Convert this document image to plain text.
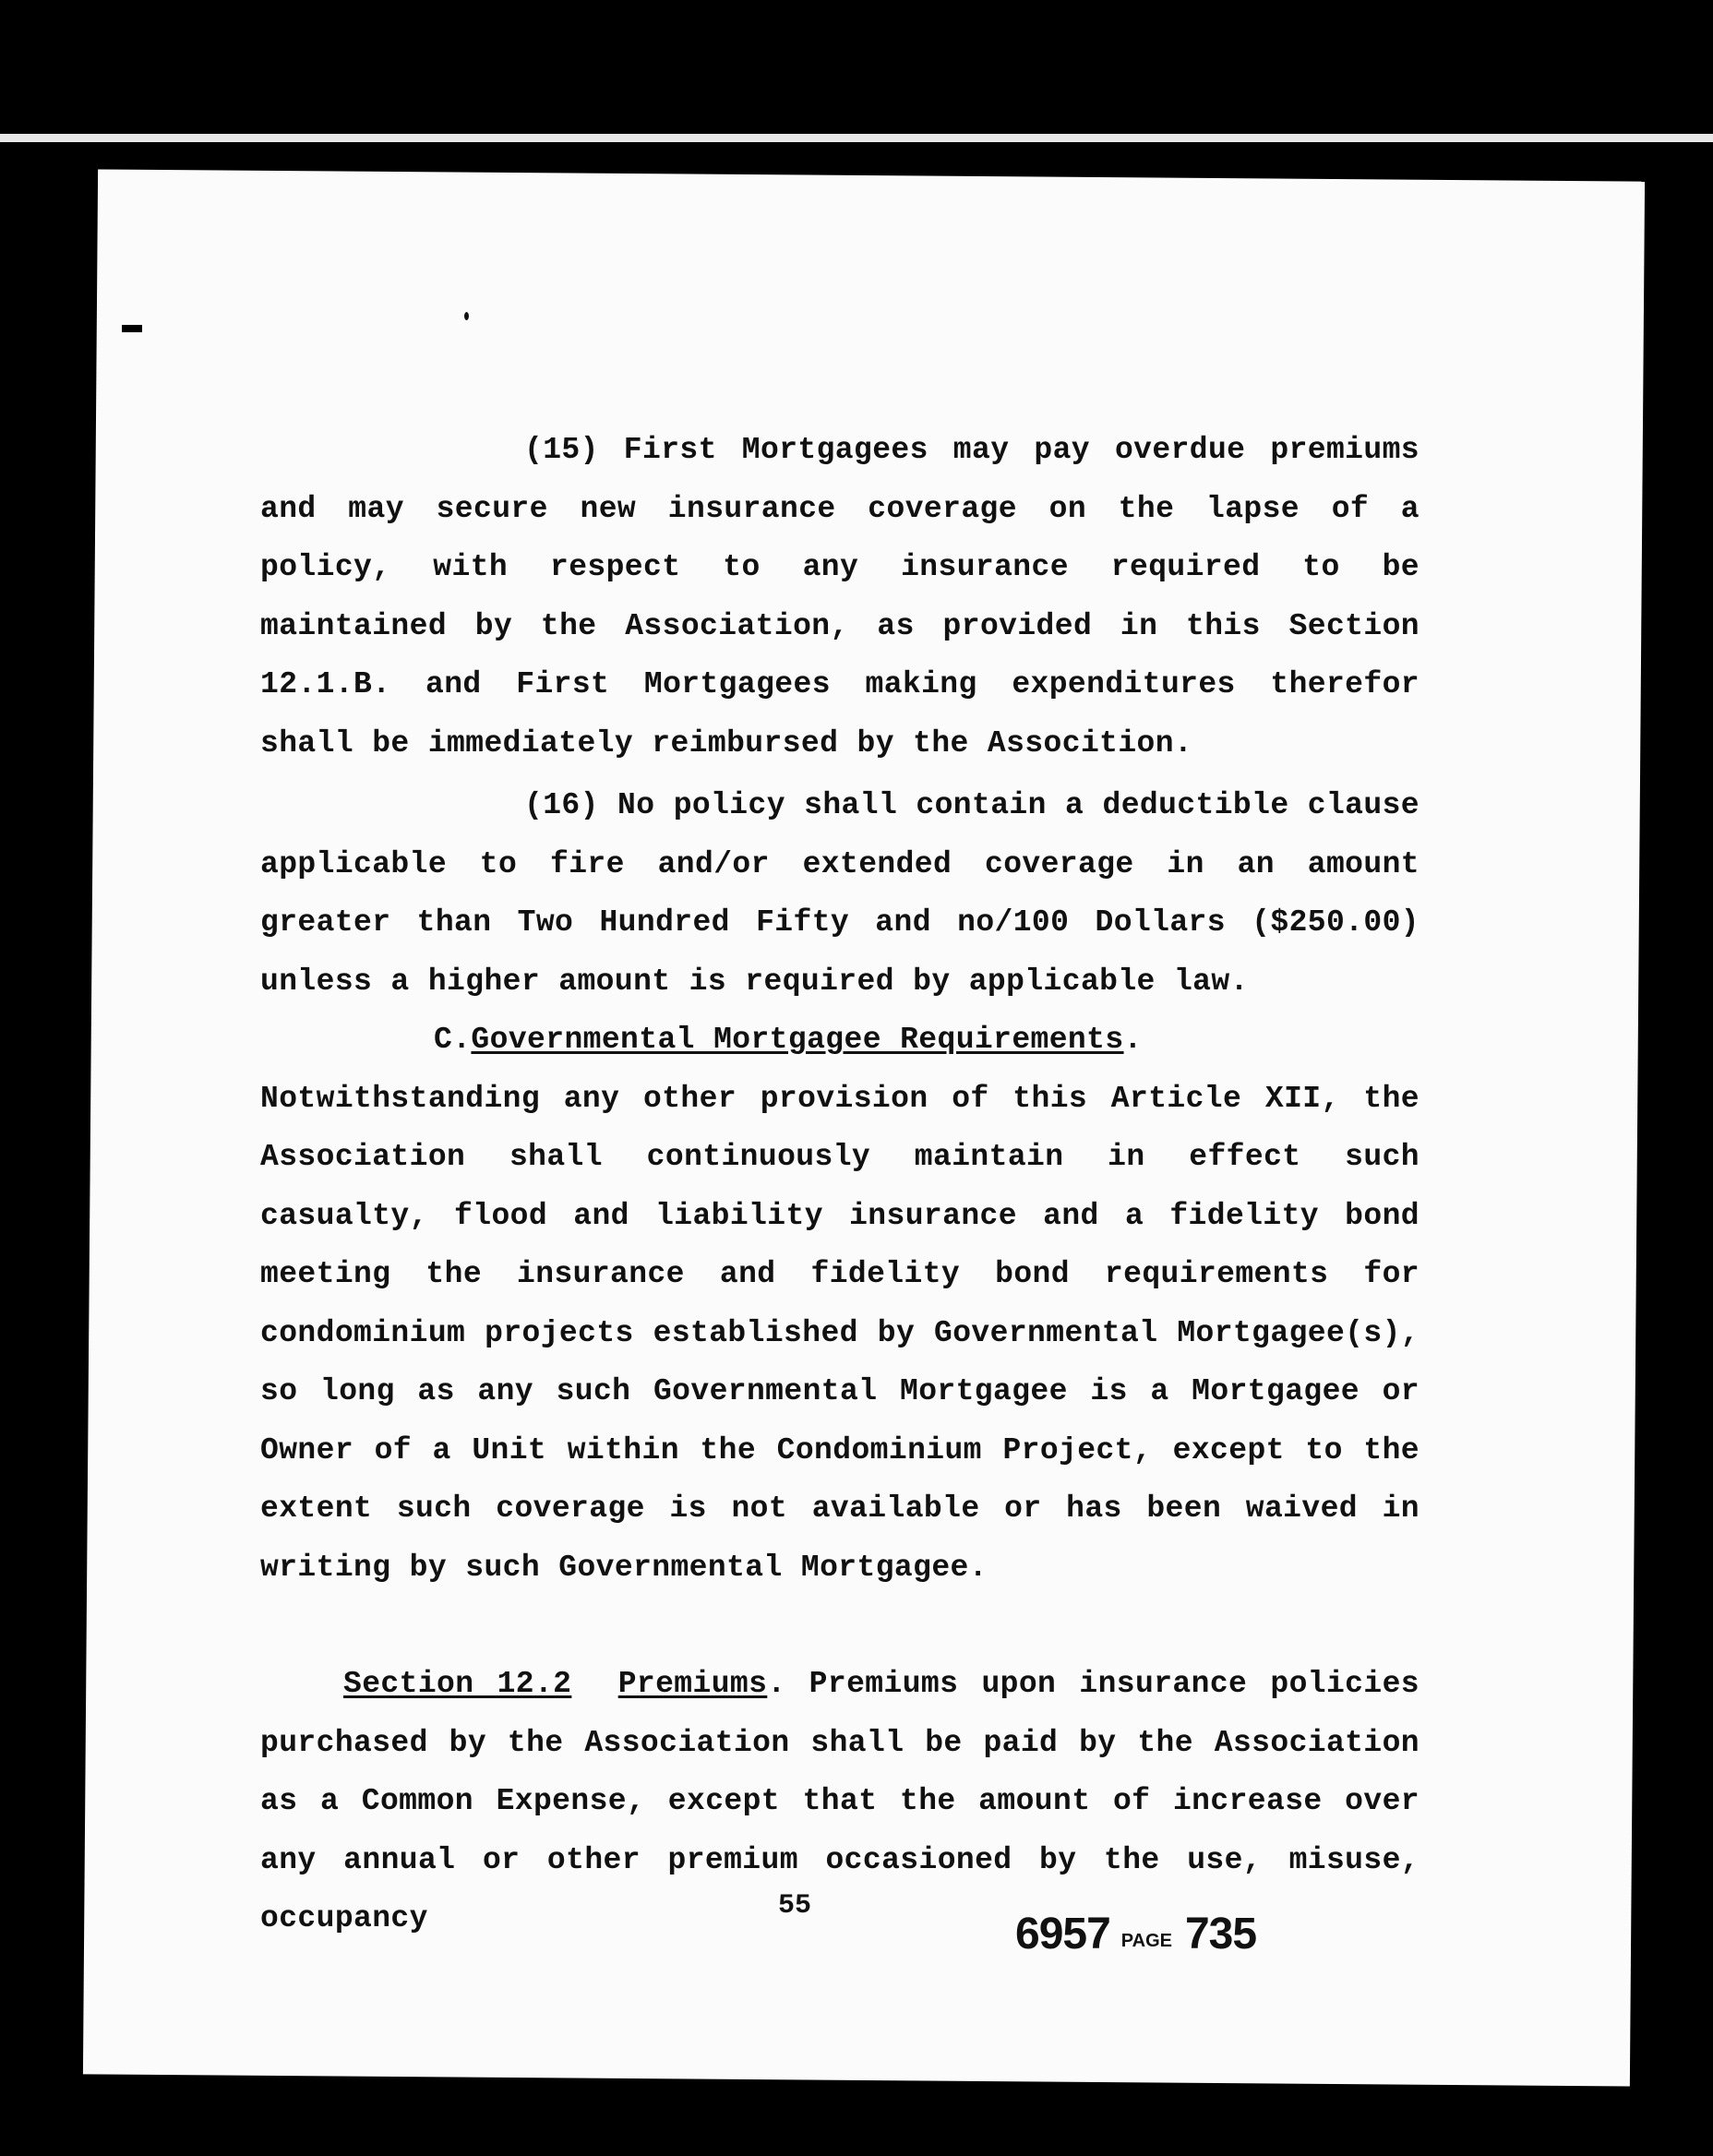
(15) First Mortgagees may pay overdue premiums and may secure new insurance coverage on the lapse of a policy, with respect to any insurance required to be maintained by the Association, as provided in this Section 12.1.B. and First Mortgagees making expenditures therefor shall be immediately reimbursed by the Assocition.

(16) No policy shall contain a deductible clause applicable to fire and/or extended coverage in an amount greater than Two Hundred Fifty and no/100 Dollars ($250.00) unless a higher amount is required by applicable law.

C.Governmental Mortgagee Requirements.

Notwithstanding any other provision of this Article XII, the Association shall continuously maintain in effect such casualty, flood and liability insurance and a fidelity bond meeting the insurance and fidelity bond requirements for condominium projects established by Governmental Mortgagee(s), so long as any such Governmental Mortgagee is a Mortgagee or Owner of a Unit within the Condominium Project, except to the extent such coverage is not available or has been waived in writing by such Governmental Mortgagee.

Section 12.2 Premiums. Premiums upon insurance policies purchased by the Association shall be paid by the Association as a Common Expense, except that the amount of increase over any annual or other premium occasioned by the use, misuse, occupancy	55
6957 PAGE 735
